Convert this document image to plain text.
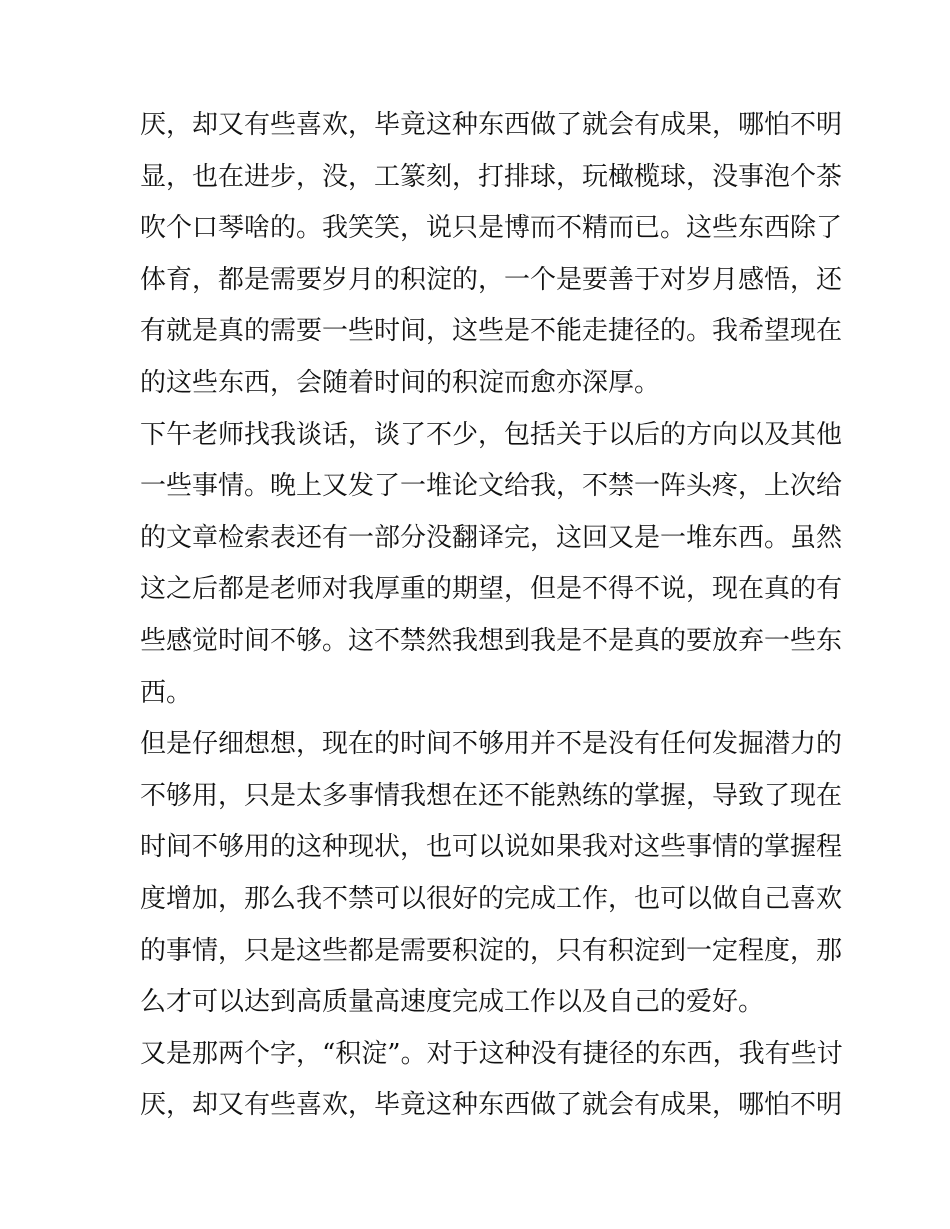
厌，却又有些喜欢，毕竟这种东西做了就会有成果，哪怕不明
显，也在进步，没，工篆刻，打排球，玩橄榄球，没事泡个茶
吹个口琴啥的。我笑笑，说只是博而不精而已。这些东西除了
体育，都是需要岁月的积淀的，一个是要善于对岁月感悟，还
有就是真的需要一些时间，这些是不能走捷径的。我希望现在
的这些东西，会随着时间的积淀而愈亦深厚。
下午老师找我谈话，谈了不少，包括关于以后的方向以及其他
一些事情。晚上又发了一堆论文给我，不禁一阵头疼，上次给
的文章检索表还有一部分没翻译完，这回又是一堆东西。虽然
这之后都是老师对我厚重的期望，但是不得不说，现在真的有
些感觉时间不够。这不禁然我想到我是不是真的要放弃一些东
西。
但是仔细想想，现在的时间不够用并不是没有任何发掘潜力的
不够用，只是太多事情我想在还不能熟练的掌握，导致了现在
时间不够用的这种现状，也可以说如果我对这些事情的掌握程
度增加，那么我不禁可以很好的完成工作，也可以做自己喜欢
的事情，只是这些都是需要积淀的，只有积淀到一定程度，那
么才可以达到高质量高速度完成工作以及自己的爱好。
又是那两个字，“积淀”。对于这种没有捷径的东西，我有些讨
厌，却又有些喜欢，毕竟这种东西做了就会有成果，哪怕不明
